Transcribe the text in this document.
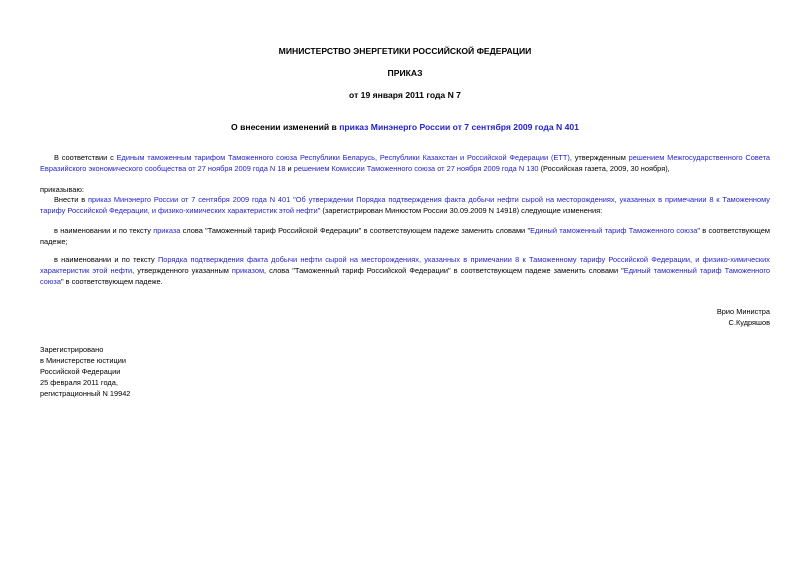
МИНИСТЕРСТВО ЭНЕРГЕТИКИ РОССИЙСКОЙ ФЕДЕРАЦИИ
ПРИКАЗ
от 19 января 2011 года N 7
О внесении изменений в приказ Минэнерго России от 7 сентября 2009 года N 401
В соответствии с Единым таможенным тарифом Таможенного союза Республики Беларусь, Республики Казахстан и Российской Федерации (ЕТТ), утвержденным решением Межгосударственного Совета Евразийского экономического сообщества от 27 ноября 2009 года N 18 и решением Комиссии Таможенного союза от 27 ноября 2009 года N 130 (Российская газета, 2009, 30 ноября),
приказываю:
Внести в приказ Минэнерго России от 7 сентября 2009 года N 401 "Об утверждении Порядка подтверждения факта добычи нефти сырой на месторождениях, указанных в примечании 8 к Таможенному тарифу Российской Федерации, и физико-химических характеристик этой нефти" (зарегистрирован Минюстом России 30.09.2009 N 14918) следующие изменения:
в наименовании и по тексту приказа слова "Таможенный тариф Российской Федерации" в соответствующем падеже заменить словами "Единый таможенный тариф Таможенного союза" в соответствующем падеже;
в наименовании и по тексту Порядка подтверждения факта добычи нефти сырой на месторождениях, указанных в примечании 8 к Таможенному тарифу Российской Федерации, и физико-химических характеристик этой нефти, утвержденного указанным приказом, слова "Таможенный тариф Российской Федерации" в соответствующем падеже заменить словами "Единый таможенный тариф Таможенного союза" в соответствующем падеже.
Врио Министра
С.Кудряшов
Зарегистрировано
в Министерстве юстиции
Российской Федерации
25 февраля 2011 года,
регистрационный N 19942
